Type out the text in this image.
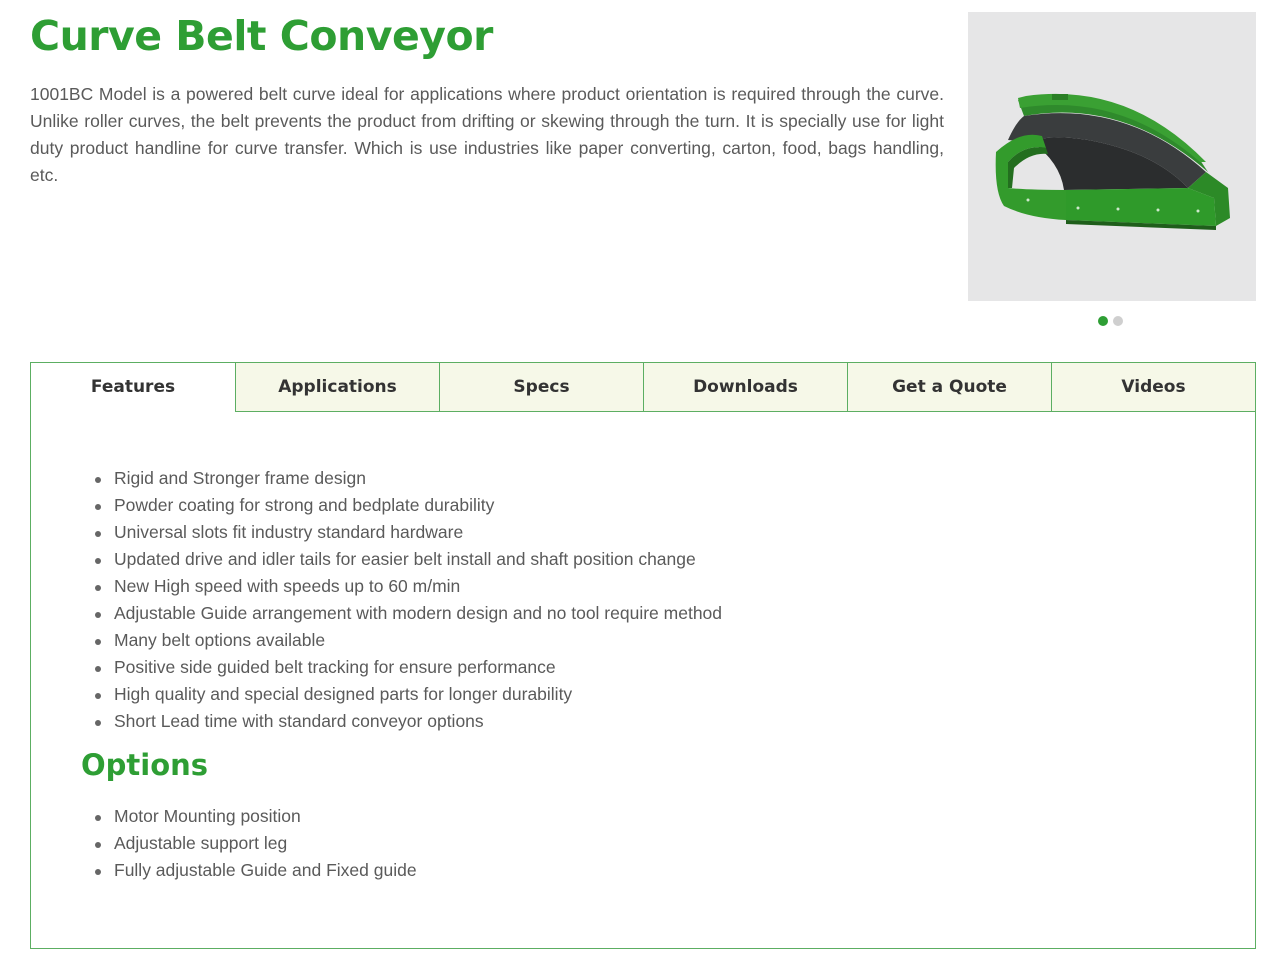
Curve Belt Conveyor

1001BC Model is a powered belt curve ideal for applications where product orientation is required through the curve. Unlike roller curves, the belt prevents the product from drifting or skewing through the turn. It is specially use for light duty product handline for curve transfer. Which is use industries like paper converting, carton, food, bags handling, etc.

Features	Applications	Specs	Downloads	Get a Quote	Videos
Rigid and Stronger frame design
Powder coating for strong and bedplate durability
Universal slots fit industry standard hardware
Updated drive and idler tails for easier belt install and shaft position change
New High speed with speeds up to 60 m/min
Adjustable Guide arrangement with modern design and no tool require method
Many belt options available
Positive side guided belt tracking for ensure performance
High quality and special designed parts for longer durability
Short Lead time with standard conveyor options
Options
Motor Mounting position
Adjustable support leg
Fully adjustable Guide and Fixed guide
